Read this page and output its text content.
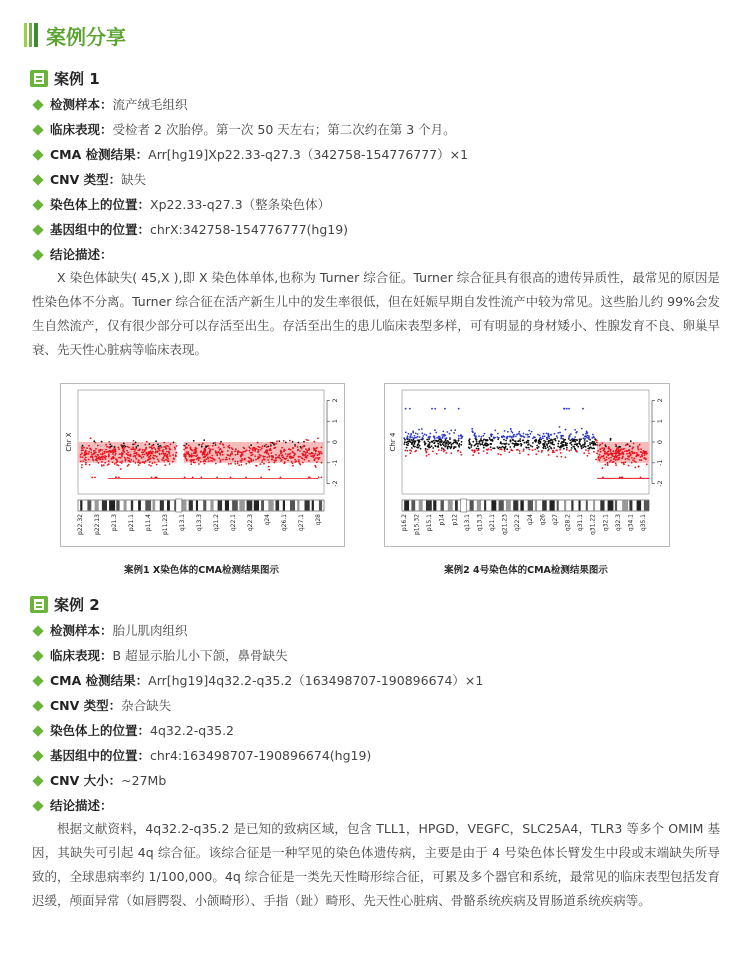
案例分享
案例 1
检测样本： 流产绒毛组织
临床表现： 受检者 2 次胎停。第一次 50 天左右；第二次约在第 3 个月。
CMA 检测结果： Arr[hg19]Xp22.33-q27.3（342758-154776777）×1
CNV 类型： 缺失
染色体上的位置： Xp22.33-q27.3（整条染色体）
基因组中的位置： chrX:342758-154776777(hg19)
结论描述：
X 染色体缺失( 45,X ),即 X 染色体单体,也称为 Turner 综合征。Turner 综合征具有很高的遗传异质性，最常见的原因是性染色体不分离。Turner 综合征在活产新生儿中的发生率很低，但在妊娠早期自发性流产中较为常见。这些胎儿约 99%会发生自然流产，仅有很少部分可以存活至出生。存活至出生的患儿临床表型多样，可有明显的身材矮小、性腺发育不良、卵巢早衰、先天性心脏病等临床表现。
Chr X
2
1
0
-1
-2
p22.32 p22.13 p21.3 p21.1 p11.4 p11.23 q13.1 q13.3 q21.2 q22.1 q22.3 q24 q26.1 q27.1 q28
案例1 X染色体的CMA检测结果图示
Chr 4
2
1
0
-1
-2
p16.2 p15.32 p15.1 p14 p12 q13.1 q13.3 q21.1 q21.23 q22.2 q24 q26 q27 q28.2 q31.1 q31.22 q32.1 q32.3 q34.1 q35.1
案例2 4号染色体的CMA检测结果图示
案例 2
检测样本： 胎儿肌肉组织
临床表现： B 超显示胎儿小下颌，鼻骨缺失
CMA 检测结果： Arr[hg19]4q32.2-q35.2（163498707-190896674）×1
CNV 类型： 杂合缺失
染色体上的位置： 4q32.2-q35.2
基因组中的位置： chr4:163498707-190896674(hg19)
CNV 大小： ~27Mb
结论描述：
根据文献资料，4q32.2-q35.2 是已知的致病区域，包含 TLL1，HPGD，VEGFC，SLC25A4，TLR3 等多个 OMIM 基因，其缺失可引起 4q 综合征。该综合征是一种罕见的染色体遗传病，主要是由于 4 号染色体长臂发生中段或末端缺失所导致的，全球患病率约 1/100,000。4q 综合征是一类先天性畸形综合征，可累及多个器官和系统，最常见的临床表型包括发育迟缓，颅面异常（如唇腭裂、小颌畸形）、手指（趾）畸形、先天性心脏病、骨骼系统疾病及胃肠道系统疾病等。
